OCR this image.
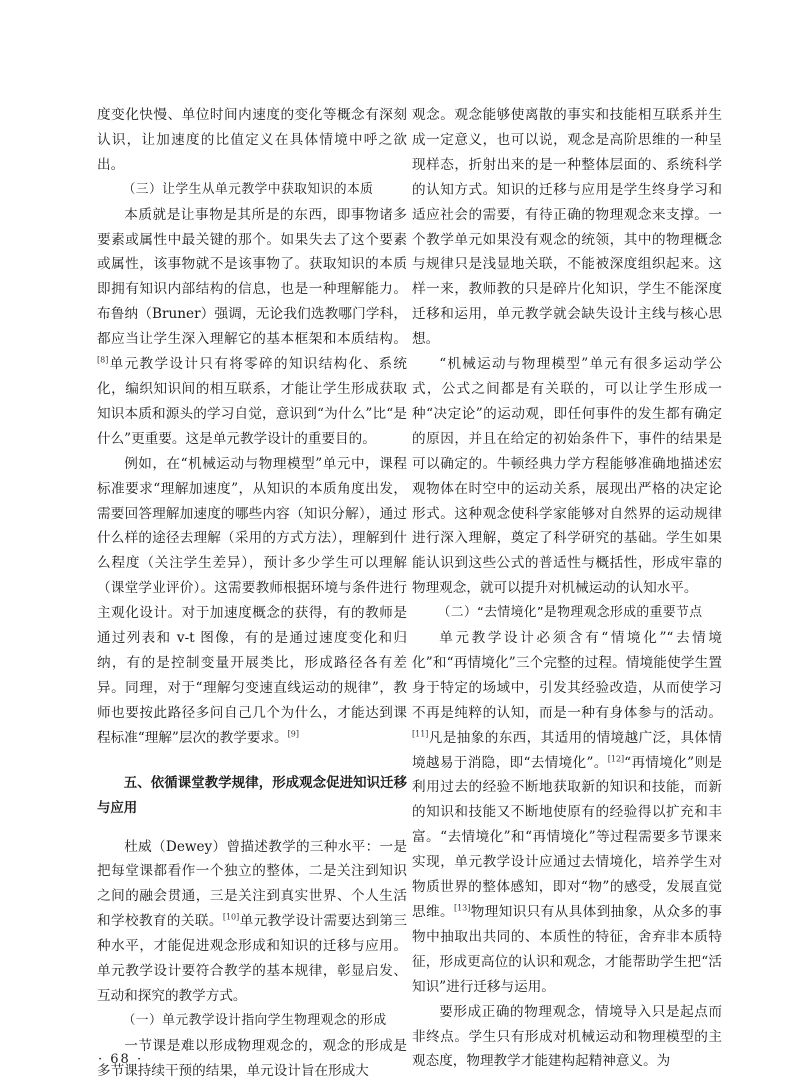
度变化快慢、单位时间内速度的变化等概念有深刻认识，让加速度的比值定义在具体情境中呼之欲出。

（三）让学生从单元教学中获取知识的本质

本质就是让事物是其所是的东西，即事物诸多要素或属性中最关键的那个。如果失去了这个要素或属性，该事物就不是该事物了。获取知识的本质即拥有知识内部结构的信息，也是一种理解能力。布鲁纳（Bruner）强调，无论我们选教哪门学科，都应当让学生深入理解它的基本框架和本质结构。[8]单元教学设计只有将零碎的知识结构化、系统化，编织知识间的相互联系，才能让学生形成获取知识本质和源头的学习自觉，意识到“为什么”比“是什么”更重要。这是单元教学设计的重要目的。

例如，在“机械运动与物理模型”单元中，课程标准要求“理解加速度”，从知识的本质角度出发，需要回答理解加速度的哪些内容（知识分解），通过什么样的途径去理解（采用的方式方法），理解到什么程度（关注学生差异），预计多少学生可以理解（课堂学业评价）。这需要教师根据环境与条件进行主观化设计。对于加速度概念的获得，有的教师是通过列表和 v-t 图像，有的是通过速度变化和归纳，有的是控制变量开展类比，形成路径各有差异。同理，对于“理解匀变速直线运动的规律”，教师也要按此路径多问自己几个为什么，才能达到课程标准“理解”层次的教学要求。[9]

五、依循课堂教学规律，形成观念促进知识迁移与应用

杜威（Dewey）曾描述教学的三种水平：一是把每堂课都看作一个独立的整体，二是关注到知识之间的融会贯通，三是关注到真实世界、个人生活和学校教育的关联。[10]单元教学设计需要达到第三种水平，才能促进观念形成和知识的迁移与应用。单元教学设计要符合教学的基本规律，彰显启发、互动和探究的教学方式。

（一）单元教学设计指向学生物理观念的形成

一节课是难以形成物理观念的，观念的形成是多节课持续干预的结果，单元设计旨在形成大

观念。观念能够使离散的事实和技能相互联系并生成一定意义，也可以说，观念是高阶思维的一种呈现样态，折射出来的是一种整体层面的、系统科学的认知方式。知识的迁移与应用是学生终身学习和适应社会的需要，有待正确的物理观念来支撑。一个教学单元如果没有观念的统领，其中的物理概念与规律只是浅显地关联，不能被深度组织起来。这样一来，教师教的只是碎片化知识，学生不能深度迁移和运用，单元教学就会缺失设计主线与核心思想。

“机械运动与物理模型”单元有很多运动学公式，公式之间都是有关联的，可以让学生形成一种“决定论”的运动观，即任何事件的发生都有确定的原因，并且在给定的初始条件下，事件的结果是可以确定的。牛顿经典力学方程能够准确地描述宏观物体在时空中的运动关系，展现出严格的决定论形式。这种观念使科学家能够对自然界的运动规律进行深入理解，奠定了科学研究的基础。学生如果能认识到这些公式的普适性与概括性，形成牢靠的物理观念，就可以提升对机械运动的认知水平。

（二）“去情境化”是物理观念形成的重要节点

单元教学设计必须含有“情境化”“去情境化”和“再情境化”三个完整的过程。情境能使学生置身于特定的场域中，引发其经验改造，从而使学习不再是纯粹的认知，而是一种有身体参与的活动。[11]凡是抽象的东西，其适用的情境越广泛，具体情境越易于消隐，即“去情境化”。[12]“再情境化”则是利用过去的经验不断地获取新的知识和技能，而新的知识和技能又不断地使原有的经验得以扩充和丰富。“去情境化”和“再情境化”等过程需要多节课来实现，单元教学设计应通过去情境化，培养学生对物质世界的整体感知，即对“物”的感受，发展直觉思维。[13]物理知识只有从具体到抽象，从众多的事物中抽取出共同的、本质性的特征，舍弃非本质特征，形成更高位的认识和观念，才能帮助学生把“活知识”进行迁移与运用。

要形成正确的物理观念，情境导入只是起点而非终点。学生只有形成对机械运动和物理模型的主观态度，物理教学才能建构起精神意义。为

· 68 ·
